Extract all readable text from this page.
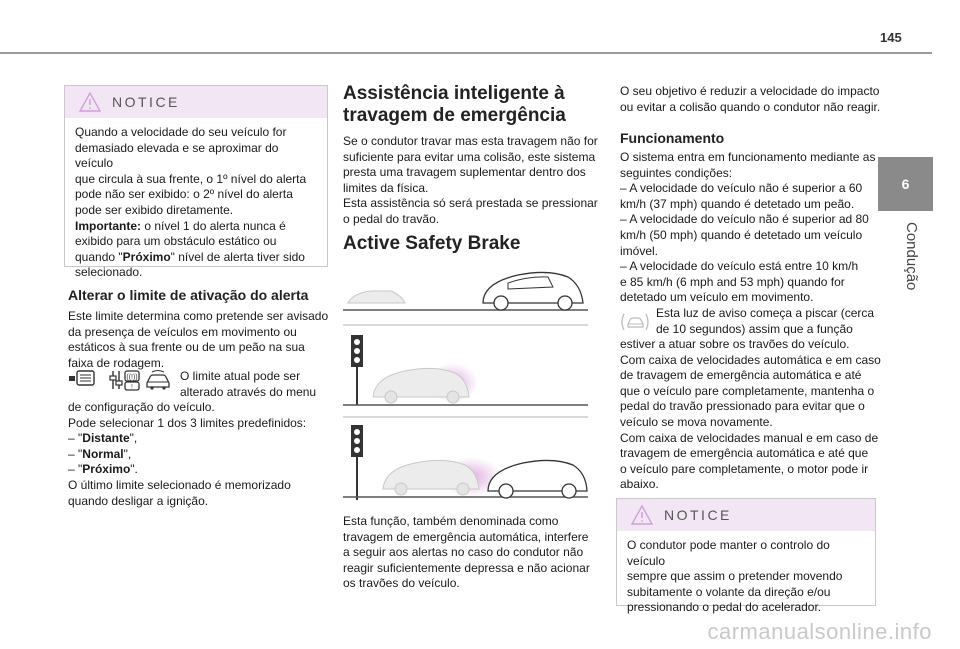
145
6
Condução
NOTICE
Quando a velocidade do seu veículo for
demasiado elevada e se aproximar do veículo
que circula à sua frente, o 1º nível do alerta
pode não ser exibido: o 2º nível do alerta
pode ser exibido diretamente.
Importante: o nível 1 do alerta nunca é
exibido para um obstáculo estático ou
quando "Próximo" nível de alerta tiver sido
selecionado.
Alterar o limite de ativação do alerta
Este limite determina como pretende ser avisado
da presença de veículos em movimento ou
estáticos à sua frente ou de um peão na sua
faixa de rodagem.
((!))
!
O limite atual pode ser
alterado através do menu
de configuração do veículo.
Pode selecionar 1 dos 3 limites predefinidos:
– "Distante",
– "Normal",
– "Próximo".
O último limite selecionado é memorizado
quando desligar a ignição.
Assistência inteligente à
travagem de emergência
Se o condutor travar mas esta travagem não for
suficiente para evitar uma colisão, este sistema
presta uma travagem suplementar dentro dos
limites da física.
Esta assistência só será prestada se pressionar
o pedal do travão.
Active Safety Brake
Esta função, também denominada como
travagem de emergência automática, interfere
a seguir aos alertas no caso do condutor não
reagir suficientemente depressa e não acionar
os travões do veículo.
O seu objetivo é reduzir a velocidade do impacto
ou evitar a colisão quando o condutor não reagir.
Funcionamento
O sistema entra em funcionamento mediante as
seguintes condições:
– A velocidade do veículo não é superior a 60
km/h (37 mph) quando é detetado um peão.
– A velocidade do veículo não é superior ad 80
km/h (50 mph) quando é detetado um veículo
imóvel.
– A velocidade do veículo está entre 10 km/h
e 85 km/h (6 mph and 53 mph) quando for
detetado um veículo em movimento.
Esta luz de aviso começa a piscar (cerca
de 10 segundos) assim que a função
estiver a atuar sobre os travões do veículo.
Com caixa de velocidades automática e em caso
de travagem de emergência automática e até
que o veículo pare completamente, mantenha o
pedal do travão pressionado para evitar que o
veículo se mova novamente.
Com caixa de velocidades manual e em caso de
travagem de emergência automática e até que
o veículo pare completamente, o motor pode ir
abaixo.
NOTICE
O condutor pode manter o controlo do veículo
sempre que assim o pretender movendo
subitamente o volante da direção e/ou
pressionando o pedal do acelerador.
carmanualsonline.info
